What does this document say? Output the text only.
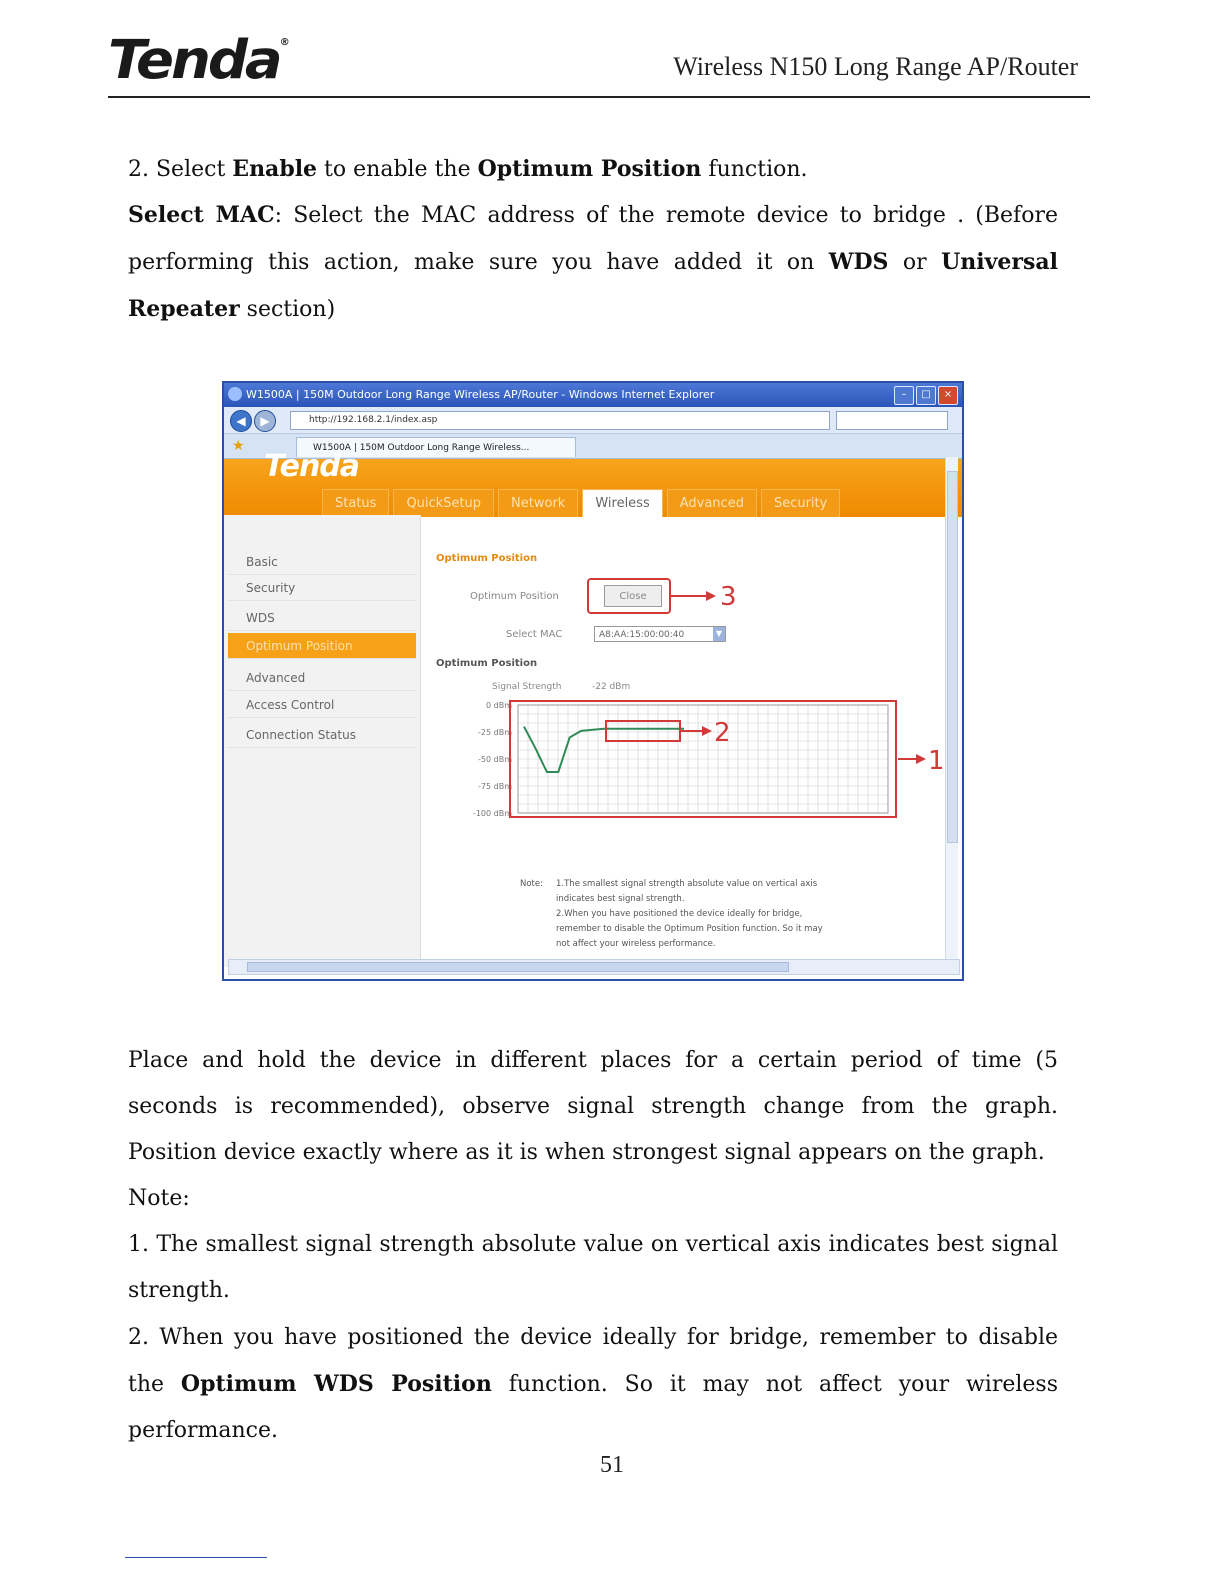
Tenda®
Wireless N150 Long Range AP/Router
2. Select Enable to enable the Optimum Position function.
Select MAC: Select the MAC address of the remote device to bridge . (Before performing this action, make sure you have added it on WDS or Universal Repeater section)
W1500A | 150M Outdoor Long Range Wireless AP/Router - Windows Internet Explorer	–	□	×
◀	▶	http://192.168.2.1/index.asp
★	W1500A | 150M Outdoor Long Range Wireless...
Tenda
Status	QuickSetup	Network	Wireless	Advanced	Security
Basic
Security
WDS
Optimum Position
Advanced
Access Control
Connection Status
Optimum Position
Optimum Position	Close
Select MAC	A8:AA:15:00:00:40	▼
Optimum Position
Signal Strength	-22 dBm
0 dBm
-25 dBm
-50 dBm
-75 dBm
-100 dBm
3
2
1
Note: 1.The smallest signal strength absolute value on vertical axis
indicates best signal strength.
2.When you have positioned the device ideally for bridge,
remember to disable the Optimum Position function. So it may
not affect your wireless performance.
Place and hold the device in different places for a certain period of time (5 seconds is recommended), observe signal strength change from the graph. Position device exactly where as it is when strongest signal appears on the graph.
Note:
1. The smallest signal strength absolute value on vertical axis indicates best signal strength.
2. When you have positioned the device ideally for bridge, remember to disable the Optimum WDS Position function. So it may not affect your wireless performance.
51
